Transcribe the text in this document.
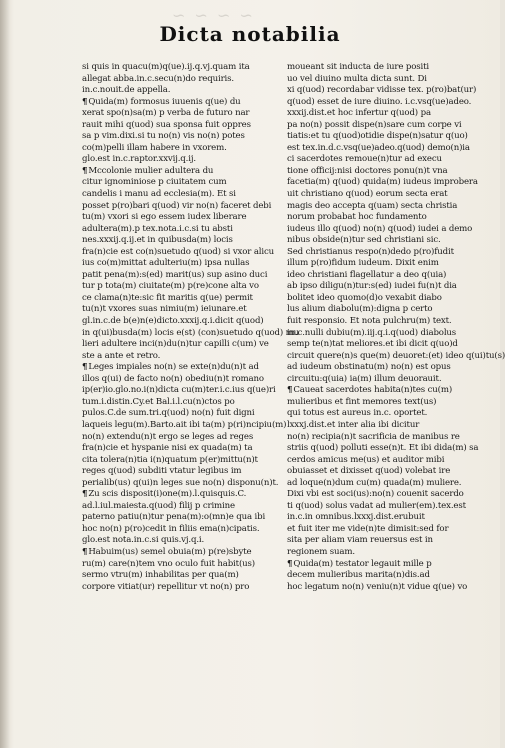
~ ~ ~ ~
Dicta notabilia
si quis in quacu(m)q(ue).ij.q.vj.quam ita
allegat abba.in.c.secu(n)do requiris.
in.c.nouit.de appella.
¶ Quida(m) formosus iuuenis q(ue) du
xerat spo(n)sa(m) p verba de futuro nar
rauit mihi q(uod) sua sponsa fuit oppres
sa p vim.dixi.si tu no(n) vis no(n) potes
co(m)pelli illam habere in vxorem.
glo.est in.c.raptor.xxvij.q.ij.
¶ Mccolonie mulier adultera du
citur ignominiose p ciuitatem cum
candelis i manu ad ecclesia(m). Et si
posset p(ro)bari q(uod) vir no(n) faceret debi
tu(m) vxori si ego essem iudex liberare
adultera(m).p tex.nota.i.c.si tu absti
nes.xxxij.q.ij.et in quibusda(m) locis
fra(n)cie est co(n)suetudo q(uod) si vxor alicu
ius co(m)mittat adulteriu(m) ipsa nullas
patit pena(m):s(ed) marit(us) sup asino duci
tur p tota(m) ciuitate(m) p(re)cone alta vo
ce clama(n)te:sic fit maritis q(ue) permit
tu(n)t vxores suas nimiu(m) ieiunare.et
gl.in.c.de b(e)n(e)dicto.xxxij.q.i.dicit q(uod)
in q(ui)busda(m) locis e(st) (con)suetudo q(uod) mu
lieri adultere inci(n)du(n)tur capilli c(um) ve
ste a ante et retro.
¶ Leges impiales no(n) se exte(n)du(n)t ad
illos q(ui) de facto no(n) obediu(n)t romano
ip(er)io.glo.no.i(n)dicta cu(m)ter.i.c.ius q(ue)ri
tum.i.distin.Cy.et Bal.i.l.cu(n)ctos po
pulos.C.de sum.tri.q(uod) no(n) fuit digni
laqueis legu(m).Barto.ait ibi ta(m) p(ri)ncipiu(m)
no(n) extendu(n)t ergo se leges ad reges
fra(n)cie et hyspanie nisi ex quada(m) ta
cita tolera(n)tia i(n)quatum p(er)mittu(n)t
reges q(uod) subditi vtatur legibus im
perialib(us) q(ui)n leges sue no(n) disponu(n)t.
¶ Zu scis disposit(i)one(m).l.quisquis.C.
ad.l.iul.maiesta.q(uod) filij p crimine
paterno patiu(n)tur pena(m):o(mn)e qua ibi
hoc no(n) p(ro)cedit in filiis ema(n)cipatis.
glo.est nota.in.c.si quis.vj.q.i.
¶ Habuim(us) semel obuia(m) p(re)sbyte
ru(m) care(n)tem vno oculo fuit habit(us)
sermo vtru(m) inhabilitas per qua(m)
corpore vitiat(ur) repellitur vt no(n) pro
moueant sit inducta de iure positi
uo vel diuino multa dicta sunt. Di
xi q(uod) recordabar vidisse tex. p(ro)bat(ur)
q(uod) esset de iure diuino. i.c.vsq(ue)adeo.
xxxij.dist.et hoc infertur q(uod) pa
pa no(n) possit dispe(n)sare cum corpe vi
tiatis:et tu q(uod)otidie dispe(n)satur q(uo)
est tex.in.d.c.vsq(ue)adeo.q(uod) demo(n)ia
ci sacerdotes remoue(n)tur ad execu
tione officij:nisi doctores ponu(n)t vna
facetia(m) q(uod) quida(m) iudeus improbera
uit christiano q(uod) eorum secta erat
magis deo accepta q(uam) secta christia
norum probabat hoc fundamento
iudeus illo q(uod) no(n) q(uod) iudei a demo
nibus obside(n)tur sed christiani sic.
Sed christianus respo(n)dedo p(ro)fudit
illum p(ro)fidum iudeum. Dixit enim
ideo christiani flagellatur a deo q(uia)
ab ipso diligu(n)tur:s(ed) iudei fu(n)t dia
bolitet ideo quomo(d)o vexabit diabo
lus alium diabolu(m):digna p certo
fuit responsio. Et nota pulchru(m) text.
in.c.nulli dubiu(m).iij.q.i.q(uod) diabolus
semp te(n)tat meliores.et ibi dicit q(uo)d
circuit quere(n)s que(m) deuoret:(et) ideo q(ui)tu(s)
ad iudeum obstinatu(m) no(n) est opus
circuitu:q(uia) ia(m) illum deuorauit.
¶ Caueat sacerdotes habita(n)tes cu(m)
mulieribus et fint memores text(us)
qui totus est aureus in.c. oportet.
lxxxj.dist.et inter alia ibi dicitur
no(n) recipia(n)t sacrificia de manibus re
striis q(uod) polluti esse(n)t. Et ibi dida(m) sa
cerdos amicus me(us) et auditor mibi
obuiasset et dixisset q(uod) volebat ire
ad loque(n)dum cu(m) quada(m) muliere.
Dixi vbi est soci(us):no(n) couenit sacerdo
ti q(uod) solus vadat ad mulier(em).tex.est
in.c.in omnibus.lxxxj.dist.erubuit
et fuit iter me vide(n)te dimisit:sed for
sita per aliam viam reuersus est in
regionem suam.
¶ Quida(m) testator legauit mille p
decem mulieribus marita(n)dis.ad
hoc legatum no(n) veniu(n)t vidue q(ue) vo
